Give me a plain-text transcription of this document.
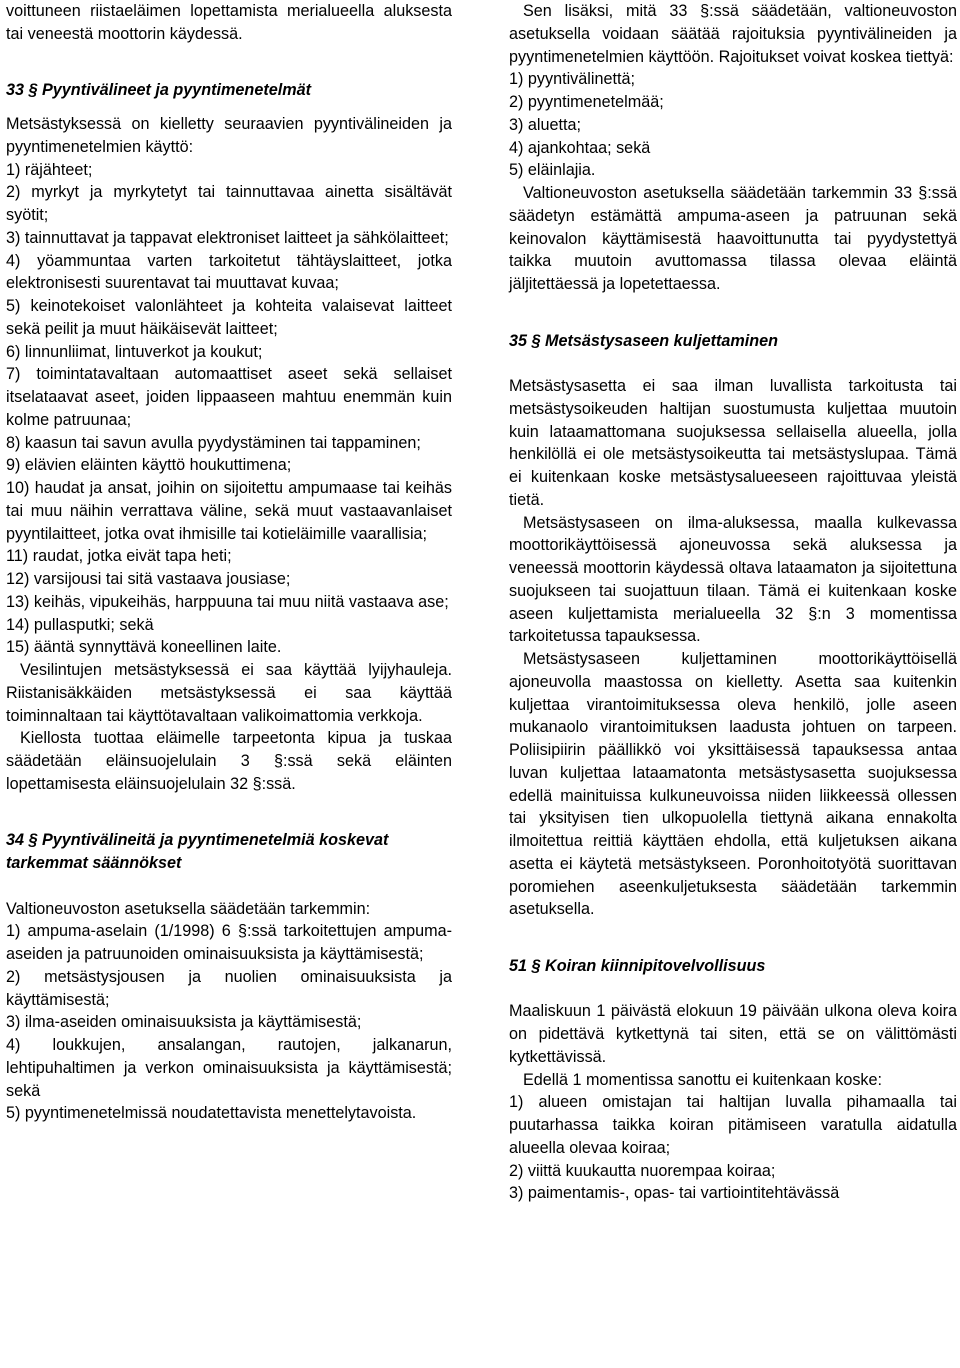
voittuneen riistaeläimen lopettamista merialueella aluksesta tai veneestä moottorin käydessä.

33 § Pyyntivälineet ja pyyntimenetelmät

Metsästyksessä on kielletty seuraavien pyyntivälineiden ja pyyntimenetelmien käyttö:

1) räjähteet;

2) myrkyt ja myrkytetyt tai tainnuttavaa ainetta sisältävät syötit;

3) tainnuttavat ja tappavat elektroniset laitteet ja sähkölaitteet;

4) yöammuntaa varten tarkoitetut tähtäyslaitteet, jotka elektronisesti suurentavat tai muuttavat kuvaa;

5) keinotekoiset valonlähteet ja kohteita valaisevat laitteet sekä peilit ja muut häikäisevät laitteet;

6) linnunliimat, lintuverkot ja koukut;

7) toimintatavaltaan automaattiset aseet sekä sellaiset itselataavat aseet, joiden lippaaseen mahtuu enemmän kuin kolme patruunaa;

8) kaasun tai savun avulla pyydystäminen tai tappaminen;

9) elävien eläinten käyttö houkuttimena;

10) haudat ja ansat, joihin on sijoitettu ampumaase tai keihäs tai muu näihin verrattava väline, sekä muut vastaavanlaiset pyyntilaitteet, jotka ovat ihmisille tai kotieläimille vaarallisia;

11) raudat, jotka eivät tapa heti;

12) varsijousi tai sitä vastaava jousiase;

13) keihäs, vipukeihäs, harppuuna tai muu niitä vastaava ase;

14) pullasputki; sekä

15) ääntä synnyttävä koneellinen laite.

Vesilintujen metsästyksessä ei saa käyttää lyijyhauleja. Riistanisäkkäiden metsästyksessä ei saa käyttää toiminnaltaan tai käyttötavaltaan valikoimattomia verkkoja.

Kiellosta tuottaa eläimelle tarpeetonta kipua ja tuskaa säädetään eläinsuojelulain 3 §:ssä sekä eläinten lopettamisesta eläinsuojelulain 32 §:ssä.

34 § Pyyntivälineitä ja pyyntimenetelmiä koskevat tarkemmat säännökset

Valtioneuvoston asetuksella säädetään tarkemmin:

1) ampuma-aselain (1/1998) 6 §:ssä tarkoitettujen ampuma-aseiden ja patruunoiden ominaisuuksista ja käyttämisestä;

2) metsästysjousen ja nuolien ominaisuuksista ja käyttämisestä;

3) ilma-aseiden ominaisuuksista ja käyttämisestä;

4) loukkujen, ansalangan, rautojen, jalkanarun, lehtipuhaltimen ja verkon ominaisuuksista ja käyttämisestä; sekä

5) pyyntimenetelmissä noudatettavista menettelytavoista.

Sen lisäksi, mitä 33 §:ssä säädetään, valtioneuvoston asetuksella voidaan säätää rajoituksia pyyntivälineiden ja pyyntimenetelmien käyttöön. Rajoitukset voivat koskea tiettyä:

1) pyyntivälinettä;

2) pyyntimenetelmää;

3) aluetta;

4) ajankohtaa; sekä

5) eläinlajia.

Valtioneuvoston asetuksella säädetään tarkemmin 33 §:ssä säädetyn estämättä ampuma-aseen ja patruunan sekä keinovalon käyttämisestä haavoittunutta tai pyydystettyä taikka muutoin avuttomassa tilassa olevaa eläintä jäljitettäessä ja lopetettaessa.

35 § Metsästysaseen kuljettaminen

Metsästysasetta ei saa ilman luvallista tarkoitusta tai metsästysoikeuden haltijan suostumusta kuljettaa muutoin kuin lataamattomana suojuksessa sellaisella alueella, jolla henkilöllä ei ole metsästysoikeutta tai metsästyslupaa. Tämä ei kuitenkaan koske metsästysalueeseen rajoittuvaa yleistä tietä.

Metsästysaseen on ilma-aluksessa, maalla kulkevassa moottorikäyttöisessä ajoneuvossa sekä aluksessa ja veneessä moottorin käydessä oltava lataamaton ja sijoitettuna suojukseen tai suojattuun tilaan. Tämä ei kuitenkaan koske aseen kuljettamista merialueella 32 §:n 3 momentissa tarkoitetussa tapauksessa.

Metsästysaseen kuljettaminen moottorikäyttöisellä ajoneuvolla maastossa on kielletty. Asetta saa kuitenkin kuljettaa virantoimituksessa oleva henkilö, jolle aseen mukanaolo virantoimituksen laadusta johtuen on tarpeen. Poliisipiirin päällikkö voi yksittäisessä tapauksessa antaa luvan kuljettaa lataamatonta metsästysasetta suojuksessa edellä mainituissa kulkuneuvoissa niiden liikkeessä ollessen tai yksityisen tien ulkopuolella tiettynä aikana ennakolta ilmoitettua reittiä käyttäen ehdolla, että kuljetuksen aikana asetta ei käytetä metsästykseen. Poronhoitotyötä suorittavan poromiehen aseenkuljetuksesta säädetään tarkemmin asetuksella.

51 § Koiran kiinnipitovelvollisuus

Maaliskuun 1 päivästä elokuun 19 päivään ulkona oleva koira on pidettävä kytkettynä tai siten, että se on välittömästi kytkettävissä.

Edellä 1 momentissa sanottu ei kuitenkaan koske:

1) alueen omistajan tai haltijan luvalla pihamaalla tai puutarhassa taikka koiran pitämiseen varatulla aidatulla alueella olevaa koiraa;

2) viittä kuukautta nuorempaa koiraa;

3) paimentamis-, opas- tai vartiointitehtävässä
